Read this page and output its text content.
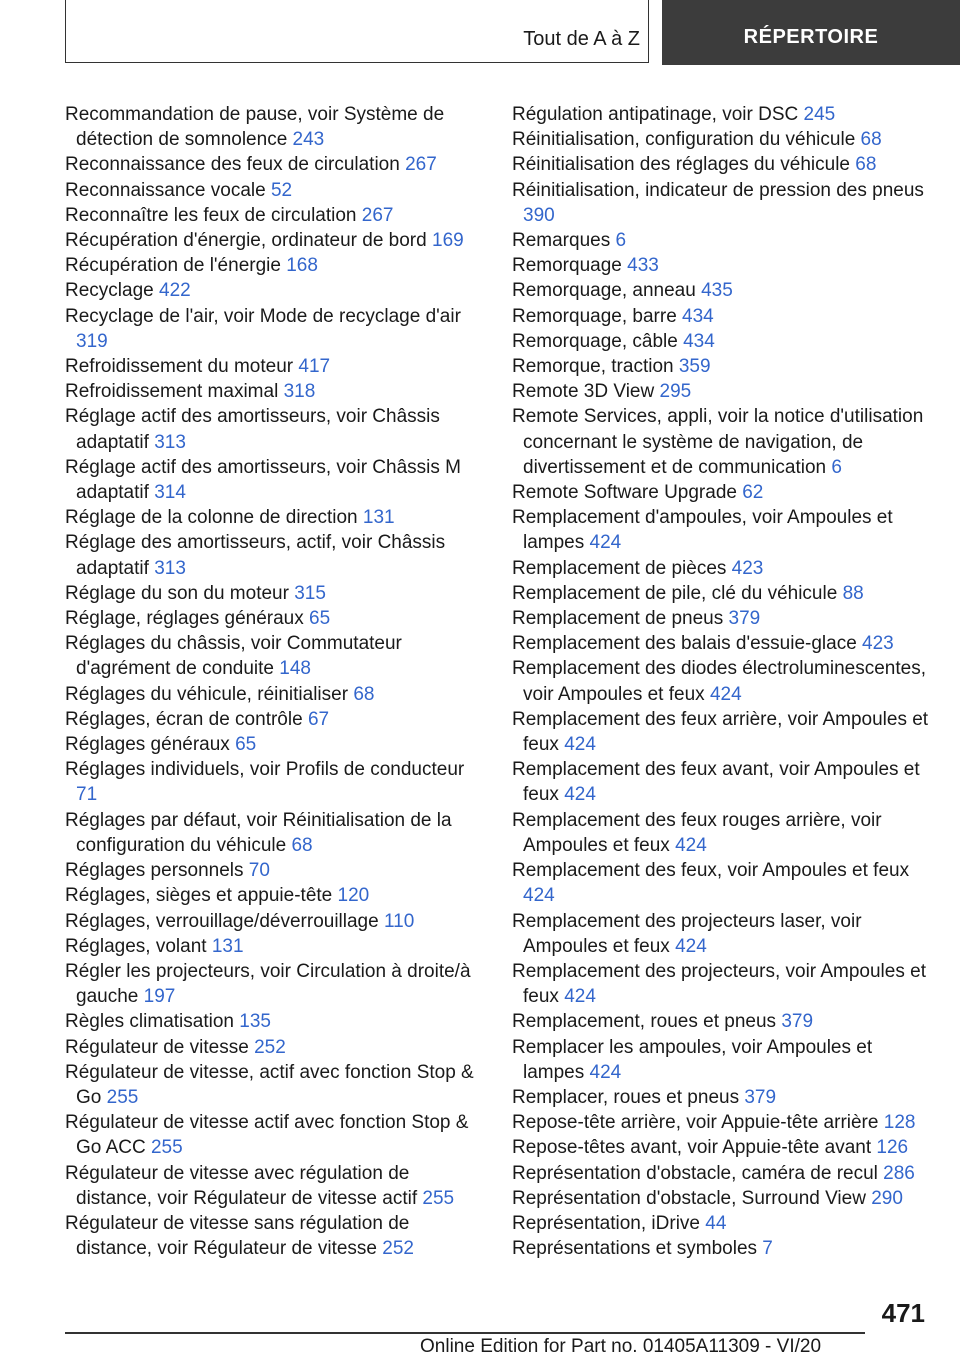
Tout de A à Z	RÉPERTOIRE
Recommandation de pause, voir Système de détection de somnolence 243
Reconnaissance des feux de circulation 267
Reconnaissance vocale 52
Reconnaître les feux de circulation 267
Récupération d'énergie, ordinateur de bord 169
Récupération de l'énergie 168
Recyclage 422
Recyclage de l'air, voir Mode de recyclage d'air 319
Refroidissement du moteur 417
Refroidissement maximal 318
Réglage actif des amortisseurs, voir Châssis adaptatif 313
Réglage actif des amortisseurs, voir Châssis M adaptatif 314
Réglage de la colonne de direction 131
Réglage des amortisseurs, actif, voir Châssis adaptatif 313
Réglage du son du moteur 315
Réglage, réglages généraux 65
Réglages du châssis, voir Commutateur d'agrément de conduite 148
Réglages du véhicule, réinitialiser 68
Réglages, écran de contrôle 67
Réglages généraux 65
Réglages individuels, voir Profils de conducteur 71
Réglages par défaut, voir Réinitialisation de la configuration du véhicule 68
Réglages personnels 70
Réglages, sièges et appuie-tête 120
Réglages, verrouillage/déverrouillage 110
Réglages, volant 131
Régler les projecteurs, voir Circulation à droite/à gauche 197
Règles climatisation 135
Régulateur de vitesse 252
Régulateur de vitesse, actif avec fonction Stop & Go 255
Régulateur de vitesse actif avec fonction Stop & Go ACC 255
Régulateur de vitesse avec régulation de distance, voir Régulateur de vitesse actif 255
Régulateur de vitesse sans régulation de distance, voir Régulateur de vitesse 252
Régulation antipatinage, voir DSC 245
Réinitialisation, configuration du véhicule 68
Réinitialisation des réglages du véhicule 68
Réinitialisation, indicateur de pression des pneus 390
Remarques 6
Remorquage 433
Remorquage, anneau 435
Remorquage, barre 434
Remorquage, câble 434
Remorque, traction 359
Remote 3D View 295
Remote Services, appli, voir la notice d'utilisation concernant le système de navigation, de divertissement et de communication 6
Remote Software Upgrade 62
Remplacement d'ampoules, voir Ampoules et lampes 424
Remplacement de pièces 423
Remplacement de pile, clé du véhicule 88
Remplacement de pneus 379
Remplacement des balais d'essuie-glace 423
Remplacement des diodes électroluminescentes, voir Ampoules et feux 424
Remplacement des feux arrière, voir Ampoules et feux 424
Remplacement des feux avant, voir Ampoules et feux 424
Remplacement des feux rouges arrière, voir Ampoules et feux 424
Remplacement des feux, voir Ampoules et feux 424
Remplacement des projecteurs laser, voir Ampoules et feux 424
Remplacement des projecteurs, voir Ampoules et feux 424
Remplacement, roues et pneus 379
Remplacer les ampoules, voir Ampoules et lampes 424
Remplacer, roues et pneus 379
Repose-tête arrière, voir Appuie-tête arrière 128
Repose-têtes avant, voir Appuie-tête avant 126
Représentation d'obstacle, caméra de recul 286
Représentation d'obstacle, Surround View 290
Représentation, iDrive 44
Représentations et symboles 7
471
Online Edition for Part no. 01405A11309 - VI/20
